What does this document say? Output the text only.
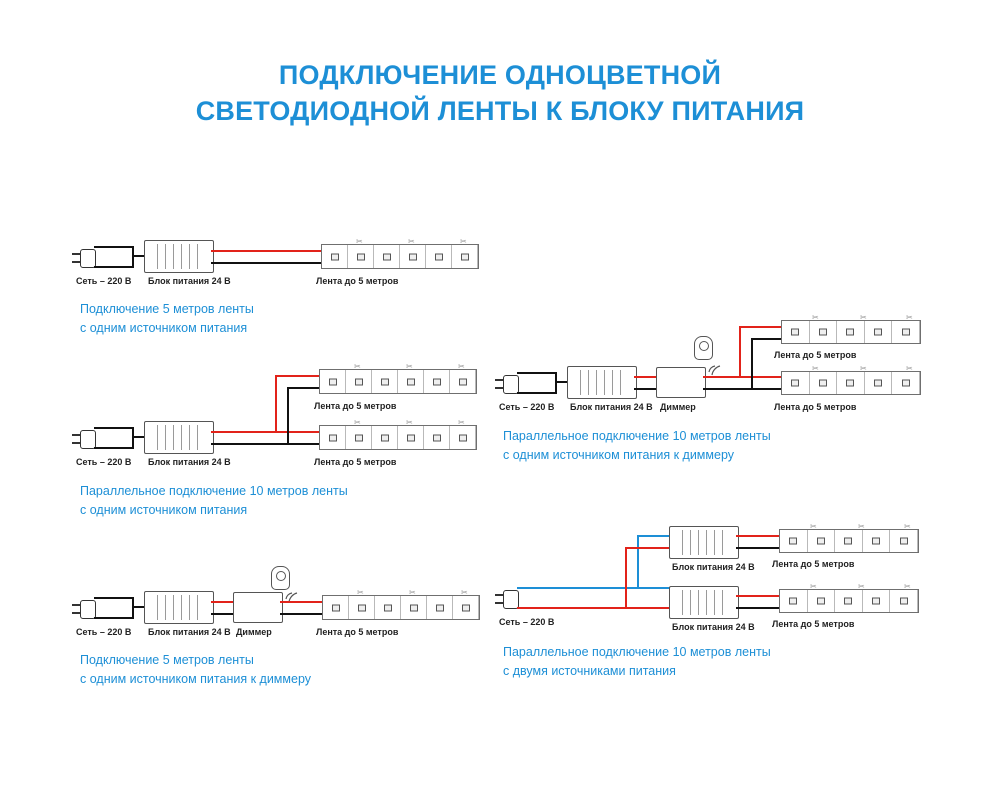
ПОДКЛЮЧЕНИЕ ОДНОЦВЕТНОЙ
СВЕТОДИОДНОЙ ЛЕНТЫ К БЛОКУ ПИТАНИЯ
✂	✂	✂
Сеть – 220 В Блок питания 24 В	Лента до 5 метров
Подключение 5 метров ленты
с одним источником питания
✂	✂	✂
✂	✂	✂
Лента до 5 метров
Сеть – 220 В Блок питания 24 В	Лента до 5 метров
Параллельное подключение 10 метров ленты
с одним источником питания
✂	✂	✂
Сеть – 220 В Блок питания 24 В Диммер	Лента до 5 метров
Подключение 5 метров ленты
с одним источником питания к диммеру
✂	✂	✂
✂	✂	✂
Лента до 5 метров
Сеть – 220 В Блок питания 24 В Диммер	Лента до 5 метров
Параллельное подключение 10 метров ленты
с одним источником питания к диммеру
✂	✂	✂
✂	✂	✂
Лента до 5 метров
Блок питания 24 В
Сеть – 220 В	Блок питания 24 В Лента до 5 метров
Параллельное подключение 10 метров ленты
с двумя источниками питания
